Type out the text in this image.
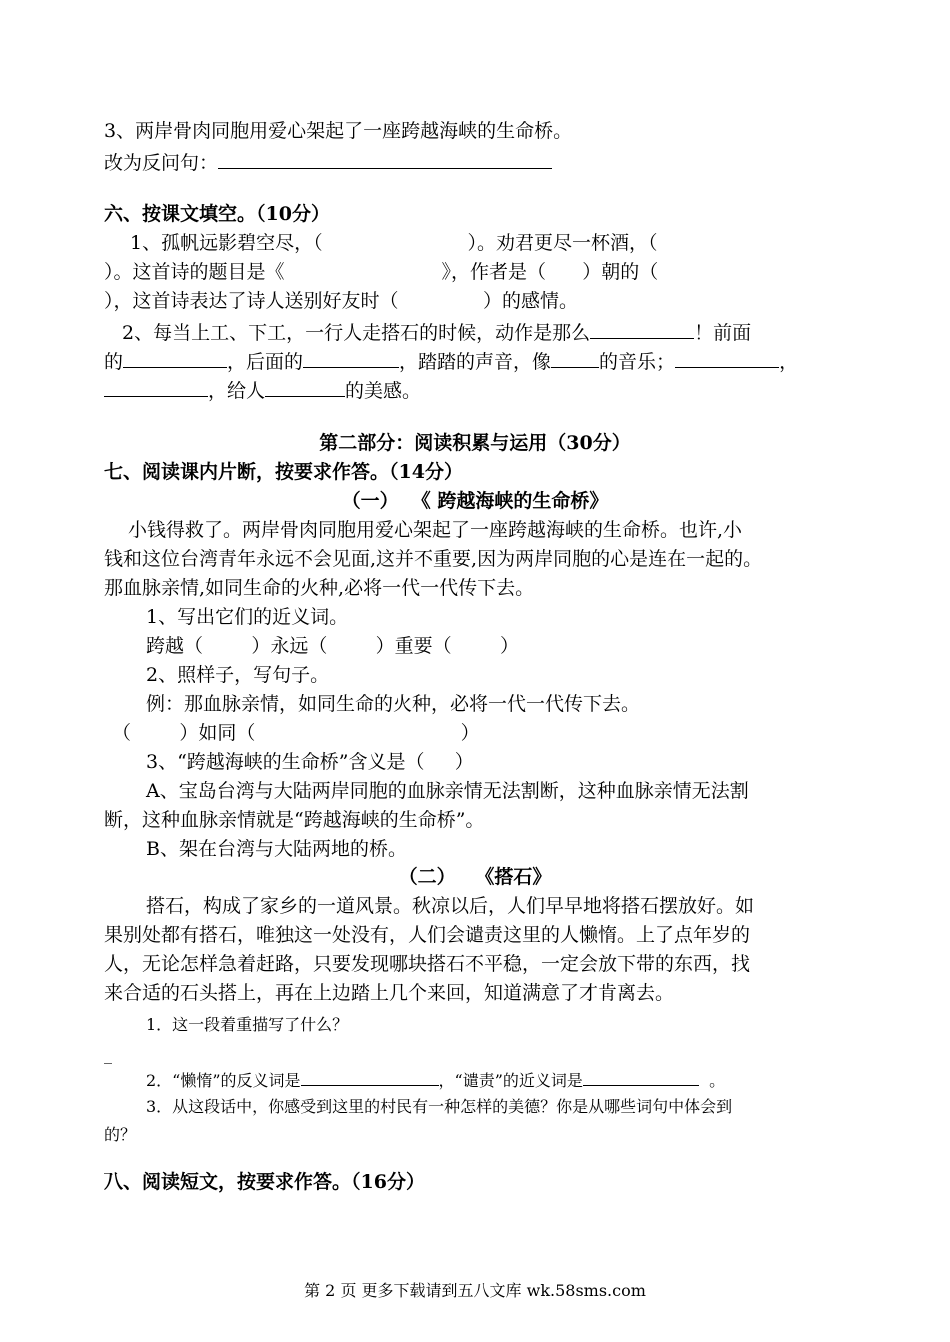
3、两岸骨肉同胞用爱心架起了一座跨越海峡的生命桥。
改为反问句：
六、按课文填空。（10分）
1、孤帆远影碧空尽，（                        ）。劝君更尽一杯酒，（
）。这首诗的题目是《                          》，作者是（      ）朝的（
），这首诗表达了诗人送别好友时（              ）的感情。
2、每当上工、下工，一行人走搭石的时候，动作是那么	！前面
的	，后面的	，踏踏的声音，像	的音乐；	，
，给人	的美感。
第二部分：阅读积累与运用（30分）
七、阅读课内片断，按要求作答。（14分）
（一）  《 跨越海峡的生命桥》
小钱得救了。两岸骨肉同胞用爱心架起了一座跨越海峡的生命桥。也许,小
钱和这位台湾青年永远不会见面,这并不重要,因为两岸同胞的心是连在一起的。
那血脉亲情,如同生命的火种,必将一代一代传下去。
1、写出它们的近义词。
跨越（        ）永远（        ）重要（        ）
2、照样子，写句子。
例：那血脉亲情，如同生命的火种，必将一代一代传下去。
（        ）如同（                                  ）
3、“跨越海峡的生命桥”含义是（     ）
A、宝岛台湾与大陆两岸同胞的血脉亲情无法割断，这种血脉亲情无法割
断，这种血脉亲情就是“跨越海峡的生命桥”。
B、架在台湾与大陆两地的桥。
（二）   《搭石》
搭石，构成了家乡的一道风景。秋凉以后，人们早早地将搭石摆放好。如
果别处都有搭石，唯独这一处没有，人们会谴责这里的人懒惰。上了点年岁的
人，无论怎样急着赶路，只要发现哪块搭石不平稳，一定会放下带的东西，找
来合适的石头搭上，再在上边踏上几个来回，知道满意了才肯离去。
1．这一段着重描写了什么？
_
2．“懒惰”的反义词是	，“谴责”的近义词是	。
3．从这段话中，你感受到这里的村民有一种怎样的美德？你是从哪些词句中体会到
的？
_
八、阅读短文，按要求作答。（16分）
第 2 页 更多下载请到五八文库 wk.58sms.com
